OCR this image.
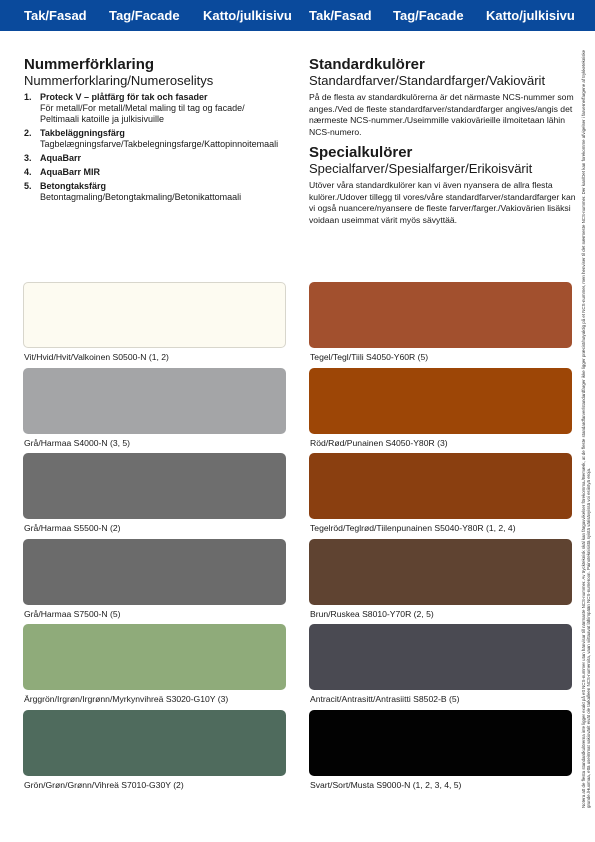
Tak/Fasad Tag/Facade Katto/julkisivu Tak/Fasad Tag/Facade Katto/julkisivu
Nummerförklaring
Nummerforklaring/Numeroselitys
1. Proteck V – plåtfärg för tak och fasader
För metall/For metall/Metal maling til tag og facade/ Peltimaali katoille ja julkisivuille
2. Takbeläggningsfärg
Tagbelægningsfarve/Takbelegningsfarge/Kattopinnoitemaali
3. AquaBarr
4. AquaBarr MIR
5. Betongtaksfärg
Betontagmaling/Betongtakmaling/Betonikattomaali
Standardkulörer
Standardfarver/Standardfarger/Vakiovärit

På de flesta av standardkulörerna är det närmaste NCS-nummer som anges./Ved de fleste standardfarver/standardfarger angives/angis det nærmeste NCS-nummer./Useimmille vakiovärieille ilmoitetaan lähin NCS-numero.

Specialkulörer
Specialfarver/Spesialfarger/Erikoisvärit

Utöver våra standardkulörer kan vi även nyansera de allra flesta kulörer./Udover tillegg til vores/våre standardfarver/standardfarger kan vi også nuancere/nyansere de fleste farver/farger./Vakiovärien lisäksi voidaan useimmat värit myös sävyttää.

Vit/Hvid/Hvit/Valkoinen S0500-N (1, 2)
Grå/Harmaa S4000-N (3, 5)
Grå/Harmaa S5500-N (2)
Grå/Harmaa S7500-N (5)
Ärggrön/Irgrøn/Irgrønn/Myrkynvihreä S3020-G10Y (3)
Grön/Grøn/Grønn/Vihreä S7010-G30Y (2)
Tegel/Tegl/Tiili S4050-Y60R (5)
Röd/Rød/Punainen S4050-Y80R (3)
Tegelröd/Teglrød/Tiilenpunainen S5040-Y80R (1, 2, 4)
Brun/Ruskea S8010-Y70R (2, 5)
Antracit/Antrasitt/Antrasiitti S8502-B (5)
Svart/Sort/Musta S9000-N (1, 2, 3, 4, 5)	Notera att de flesta standardkulörerna inte ligger exakt på ett NCS-nummer utan hänvisar till närmaste NCS-nummer. Av tryckteknisk skäl kan färgavvikelser förekomma./Bemærk, at de fleste standardfarver/standardfarger ikke ligger præcist/nøyaktig på et NCS-nummer, men henviser til det nærmeste NCS-nummer. Der kan/Det kan forekomme afvigelser i farverne/fargene af trykketekniske grunde./Huomaa, että useimmat vakiovärit eivät ole tarkalleen NCS-numeroita, vaan viittaavat lähimpään NCS-numeroon. Painoteknisistä syistä värisävyissä voi esiintyä eroja.
